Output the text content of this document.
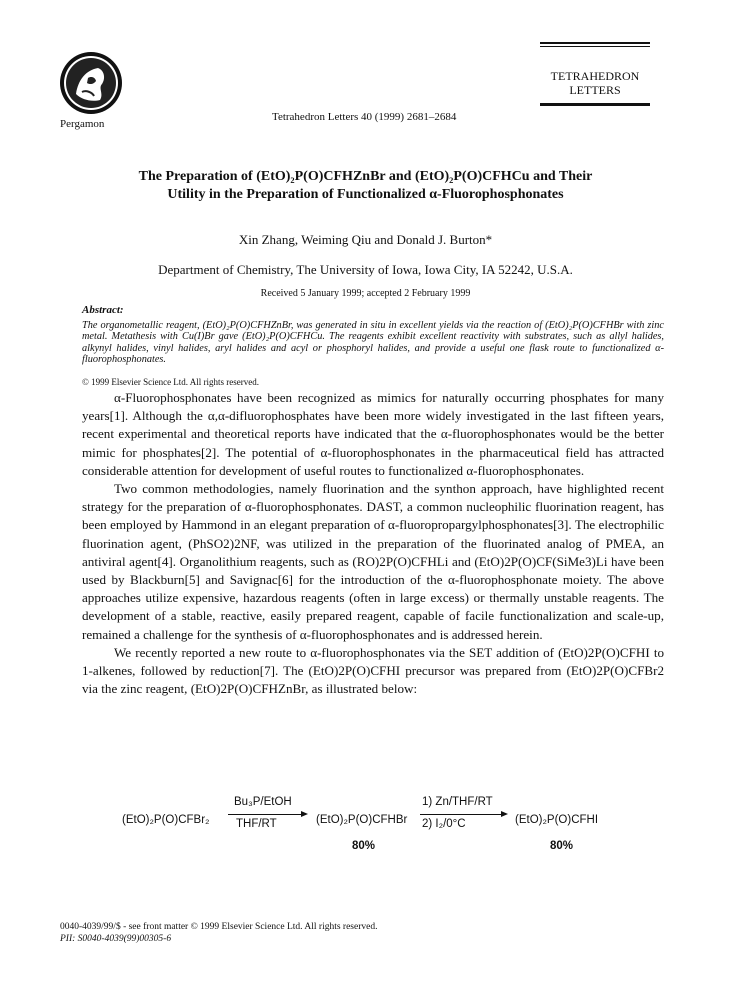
Pergamon
Tetrahedron Letters 40 (1999) 2681–2684
TETRAHEDRON
LETTERS
The Preparation of (EtO)₂P(O)CFHZnBr and (EtO)₂P(O)CFHCu and Their
Utility in the Preparation of Functionalized α-Fluorophosphonates
Xin Zhang, Weiming Qiu and Donald J. Burton*
Department of Chemistry, The University of Iowa, Iowa City, IA 52242, U.S.A.
Received 5 January 1999; accepted 2 February 1999
Abstract:
The organometallic reagent, (EtO)₂P(O)CFHZnBr, was generated in situ in excellent yields via the reaction of (EtO)₂P(O)CFHBr with zinc metal. Metathesis with Cu(I)Br gave (EtO)₂P(O)CFHCu. The reagents exhibit excellent reactivity with substrates, such as allyl halides, alkynyl halides, vinyl halides, aryl halides and acyl or phosphoryl halides, and provide a useful one flask route to functionalized α-fluorophosphonates.
© 1999 Elsevier Science Ltd. All rights reserved.

α-Fluorophosphonates have been recognized as mimics for naturally occurring phosphates for many years[1]. Although the α,α-difluorophosphates have been more widely investigated in the last fifteen years, recent experimental and theoretical reports have indicated that the α-fluorophosphonates would be the better mimic for phosphates[2]. The potential of α-fluorophosphonates in the pharmaceutical field has attracted considerable attention for development of useful routes to functionalized α-fluorophosphonates.

Two common methodologies, namely fluorination and the synthon approach, have highlighted recent strategy for the preparation of α-fluorophosphonates. DAST, a common nucleophilic fluorination reagent, has been employed by Hammond in an elegant preparation of α-fluoropropargylphosphonates[3]. The electrophilic fluorination agent, (PhSO2)2NF, was utilized in the preparation of the fluorinated analog of PMEA, an antiviral agent[4]. Organolithium reagents, such as (RO)2P(O)CFHLi and (EtO)2P(O)CF(SiMe3)Li have been used by Blackburn[5] and Savignac[6] for the introduction of the α-fluorophosphonate moiety. The above approaches utilize expensive, hazardous reagents (often in large excess) or thermally unstable reagents. The development of a stable, reactive, easily prepared reagent, capable of facile functionalization and scale-up, remained a challenge for the synthesis of α-fluorophosphonates and is addressed herein.

We recently reported a new route to α-fluorophosphonates via the SET addition of (EtO)2P(O)CFHI to 1-alkenes, followed by reduction[7]. The (EtO)2P(O)CFHI precursor was prepared from (EtO)2P(O)CFBr2 via the zinc reagent, (EtO)2P(O)CFHZnBr, as illustrated below:

(EtO)₂P(O)CFBr₂
Bu₃P/EtOH
THF/RT	(EtO)₂P(O)CFHBr
80%
1) Zn/THF/RT
2) I₂/0°C	(EtO)₂P(O)CFHI
80%
0040-4039/99/$ - see front matter © 1999 Elsevier Science Ltd. All rights reserved.
PII: S0040-4039(99)00305-6
